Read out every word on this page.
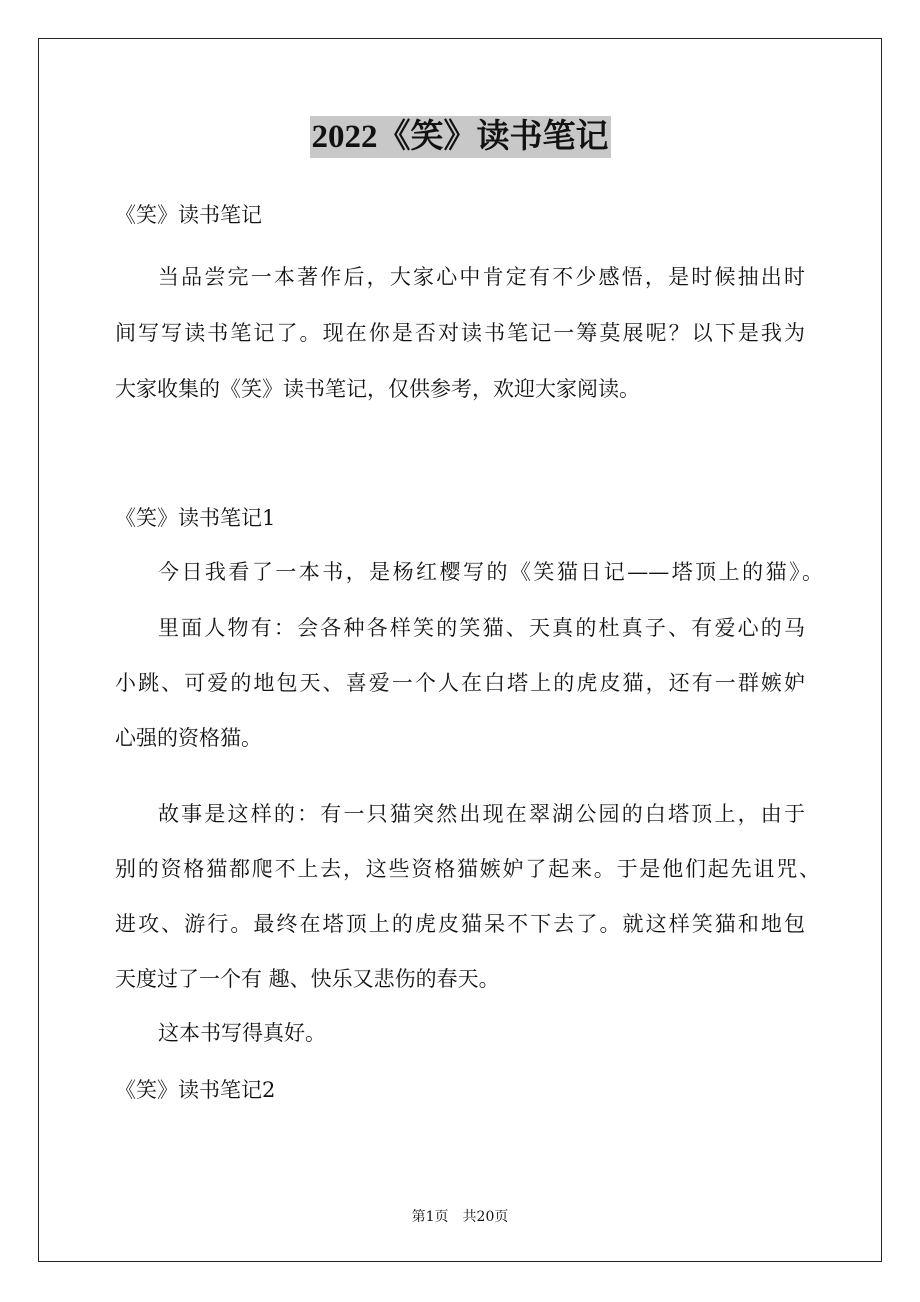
2022《笑》读书笔记
《笑》读书笔记
当品尝完一本著作后，大家心中肯定有不少感悟，是时候抽出时
间写写读书笔记了。现在你是否对读书笔记一筹莫展呢？以下是我为
大家收集的《笑》读书笔记，仅供参考，欢迎大家阅读。
《笑》读书笔记1
今日我看了一本书，是杨红樱写的《笑猫日记——塔顶上的猫》。
里面人物有：会各种各样笑的笑猫、天真的杜真子、有爱心的马
小跳、可爱的地包天、喜爱一个人在白塔上的虎皮猫，还有一群嫉妒
心强的资格猫。
故事是这样的：有一只猫突然出现在翠湖公园的白塔顶上，由于
别的资格猫都爬不上去，这些资格猫嫉妒了起来。于是他们起先诅咒、
进攻、游行。最终在塔顶上的虎皮猫呆不下去了。就这样笑猫和地包
天度过了一个有 趣、快乐又悲伤的春天。
这本书写得真好。
《笑》读书笔记2
第1页　共20页
